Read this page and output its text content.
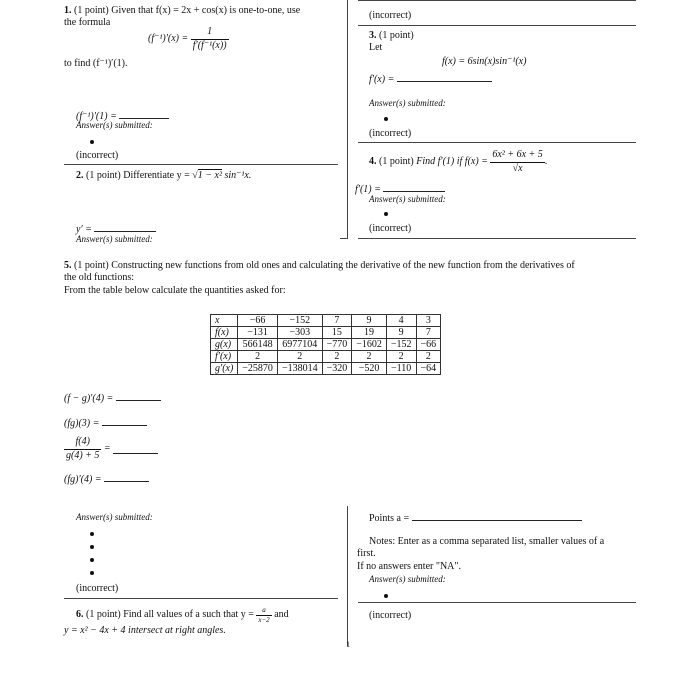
1. (1 point) Given that f(x) = 2x + cos(x) is one-to-one, use
the formula
$(f^{-1})'(x) = \frac{1}{\text{f′(f⁻¹(x))}}$
to find (f⁻¹)′(1).
(f⁻¹)′(1) =
Answer(s) submitted:
(incorrect)
2. (1 point) Differentiate y = √1 − x² sin⁻¹x.
y′ =
Answer(s) submitted:
(incorrect)
3. (1 point)
Let
f(x) = 6sin(x)sin⁻¹(x)
f′(x) =
Answer(s) submitted:
(incorrect)
4. (1 point) Find f′(1) if $f(x) = \frac{\text{6x² + 6x + 5}}{√x}$ .
f′(1) =
Answer(s) submitted:
(incorrect)
5. (1 point) Constructing new functions from old ones and calculating the derivative of the new function from the derivatives of
the old functions:
From the table below calculate the quantities asked for:
x	−66	−152	7	9	4	3
f(x)	−131	−303	15	19	9	7
g(x)	566148	6977104	−770	−1602	−152	−66
f′(x)	2	2	2	2	2	2
g′(x)	−25870	−138014	−320	−520	−110	−64
(f − g)′(4) =
(fg)(3) =
$\frac{f(4)}{g(4) + 5}$ =
(fg)′(4) =
Answer(s) submitted:
(incorrect)
6. (1 point) Find all values of a such that $y = \frac{a}{x-2}$ and
y = x² − 4x + 4 intersect at right angles.
Points a =
Notes: Enter as a comma separated list, smaller values of a
first.
If no answers enter "NA".
Answer(s) submitted:
(incorrect)
1
